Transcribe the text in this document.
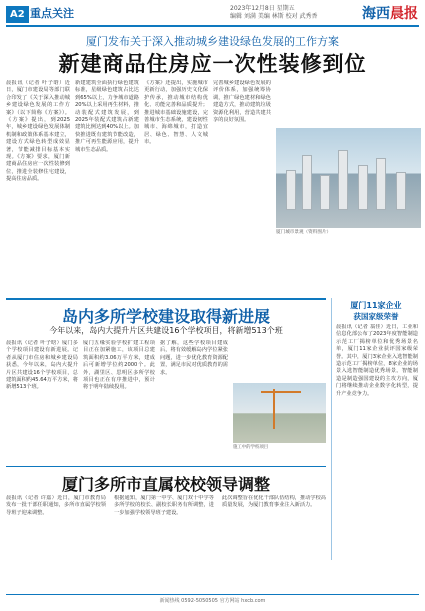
A2 重点关注	2023年12月8日 星期五
编辑 刘满 美编 林斯 校对 武秀香	海西晨报
厦门发布关于深入推动城乡建设绿色发展的工作方案
新建商品住房应一次性装修到位
晨报讯（记者 叶子晗）近日，厦门市建设局等部门联合印发了《关于深入推动城乡建设绿色发展的工作方案》（以下简称《方案》）。《方案》提出，到2025年，城乡建设绿色发展体制机制和政策体系基本建立，建设方式绿色转型成效显著，节能减排目标基本实现。《方案》要求，厦门新建商品住房应一次性装修到位，推进全装修住宅建设，提高住房品质。
新建建筑全面执行绿色建筑标准，星级绿色建筑占比达到65%以上，力争城市道路20%以上采用再生材料，推动装配式建筑发展，到2025年装配式建筑占新建建筑比例达到40%以上。加快推进既有建筑节能改造，推广可再生能源应用，提升城市生态品质。
《方案》还提出，实施城市更新行动，加强历史文化保护传承，推动城市结构优化、功能完善和品质提升；推进城市基础设施建设，完善城市生态系统，建设韧性城市、海绵城市，打造宜居、绿色、智慧、人文城市。
完善城乡建设绿色发展的评价体系，加强统筹协调，推广绿色建材和绿色建造方式，推动建筑垃圾资源化利用，营造共建共享的良好氛围。
厦门城市景观（资料图片）
岛内多所学校建设取得新进展
今年以来，岛内大提升片区共建设16个学校项目，将新增513个班
晨报讯（记者 叶子晗）厦门多个学校项目建设有新进展。记者从厦门市住房和城乡建设局获悉，今年以来，岛内大提升片区共建设16个学校项目，总建筑面积约45.64万平方米，将新增513个班。
厦门五缘实验学校扩建工程项目正在加紧施工，该项目总建筑面积约3.06万平方米，建成后可新增学位约2000个。此外，湖里区、思明区多所学校项目也正在有序推进中，预计将于明年陆续投用。
据了解，这些学校项目建成后，将有效缓解岛内学位紧张问题，进一步优化教育资源配置，满足市民对优质教育的需求。
施工中的学校项目
厦门11家企业
获国家级荣誉
晨报讯（记者 翁佳）近日，工业和信息化部公布了2023年度智能制造示范工厂揭榜单位和优秀场景名单，厦门11家企业获评国家级荣誉。其中，厦门3家企业入选智能制造示范工厂揭榜单位，8家企业的场景入选智能制造优秀场景。智能制造是制造强国建设的主攻方向，厦门将继续推动企业数字化转型，提升产业竞争力。
厦门多所市直属校校领导调整
晨报讯（记者 许嘉）近日，厦门市教育局发布一批干部任职通知，多所市直属学校领导班子迎来调整。
根据通知，厦门第一中学、厦门双十中学等多所学校的校长、副校长职务有所调整，进一步加强学校领导班子建设。
此次调整旨在优化干部队伍结构，推动学校高质量发展，为厦门教育事业注入新活力。
新闻热线 0592-5050505 官方网站 hxcb.com
